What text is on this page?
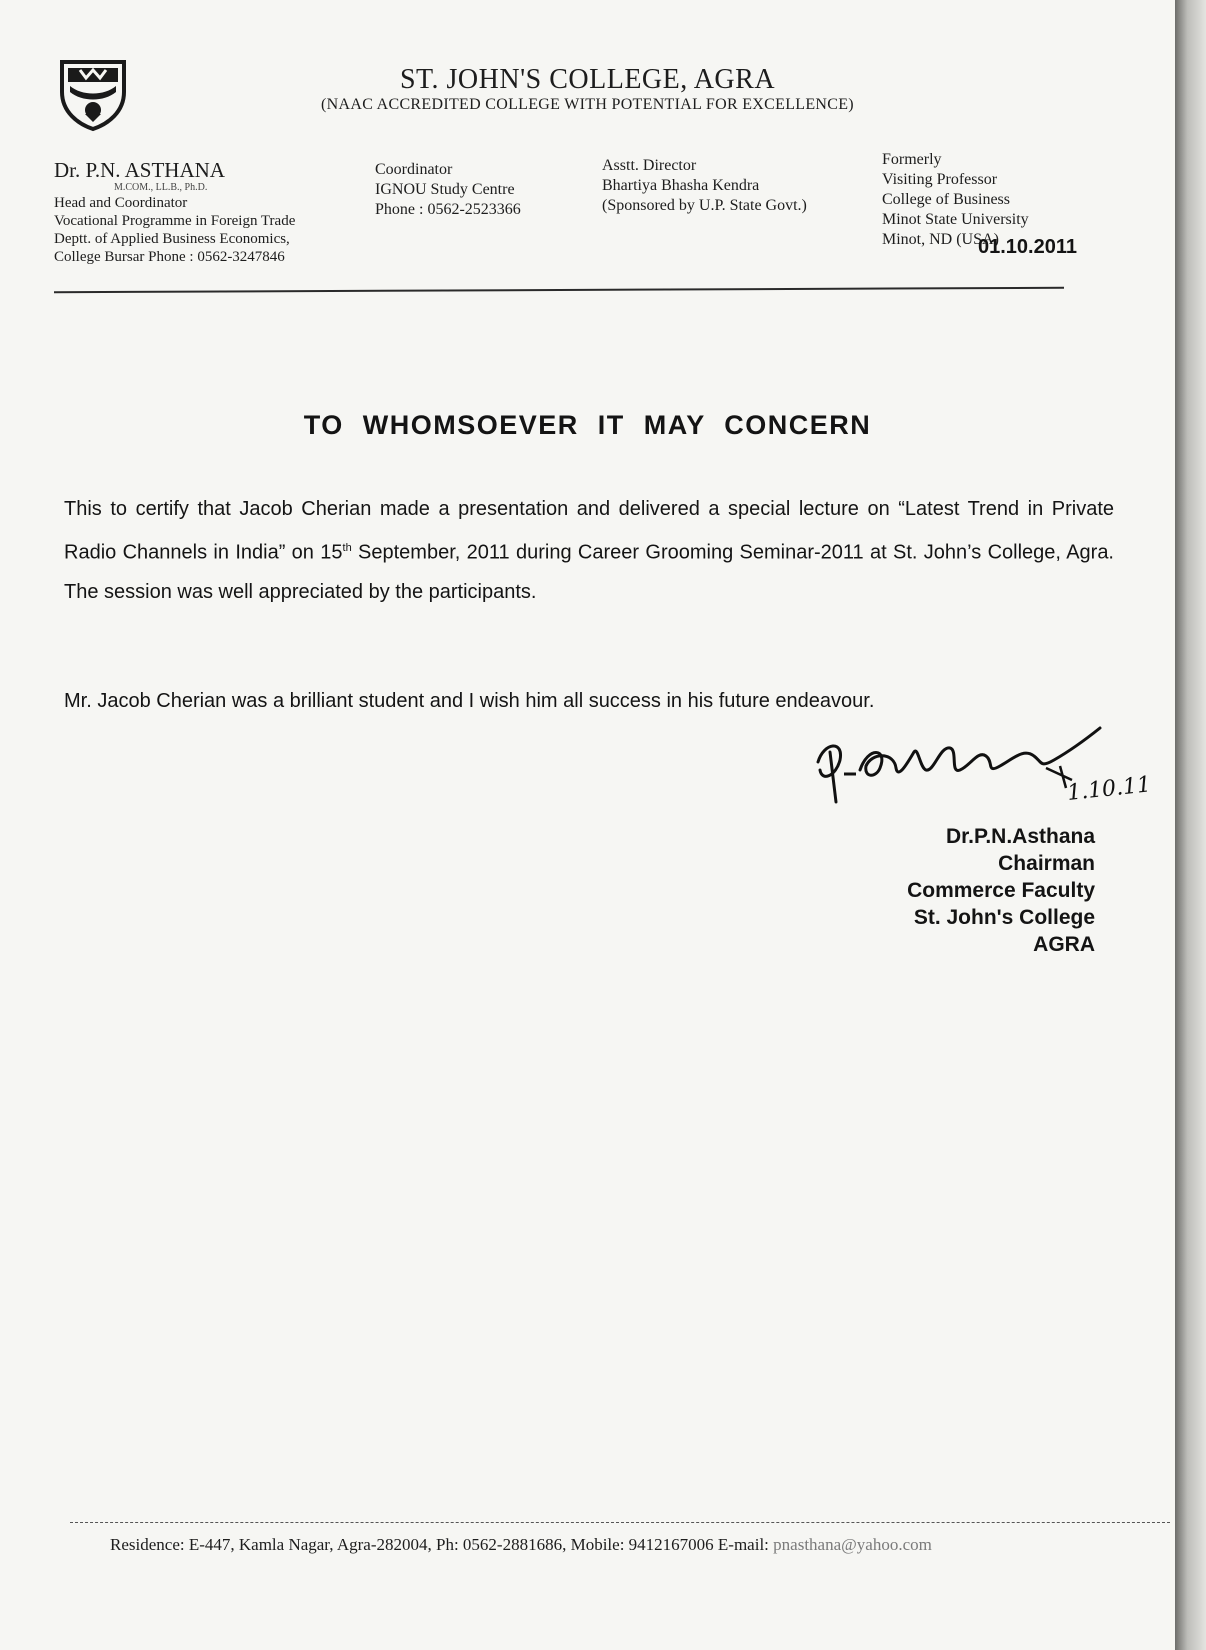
ST. JOHN'S COLLEGE, AGRA
(NAAC ACCREDITED COLLEGE WITH POTENTIAL FOR EXCELLENCE)
Dr. P.N. ASTHANA
M.COM., LL.B., Ph.D.
Head and Coordinator
Vocational Programme in Foreign Trade
Deptt. of Applied Business Economics,
College Bursar Phone : 0562-3247846
Coordinator
IGNOU Study Centre
Phone : 0562-2523366
Asstt. Director
Bhartiya Bhasha Kendra
(Sponsored by U.P. State Govt.)
Formerly
Visiting Professor
College of Business
Minot State University
Minot, ND (USA)
01.10.2011
TO WHOMSOEVER IT MAY CONCERN
This to certify that Jacob Cherian made a presentation and delivered a special lecture on “Latest Trend in Private Radio Channels in India” on 15th September, 2011 during Career Grooming Seminar-2011 at St. John’s College, Agra. The session was well appreciated by the participants.
Mr. Jacob Cherian was a brilliant student and I wish him all success in his future endeavour.
1.10.11
Dr.P.N.Asthana
Chairman
Commerce Faculty
St. John's College
AGRA
Residence: E-447, Kamla Nagar, Agra-282004, Ph: 0562-2881686, Mobile: 9412167006 E-mail: pnasthana@yahoo.com
